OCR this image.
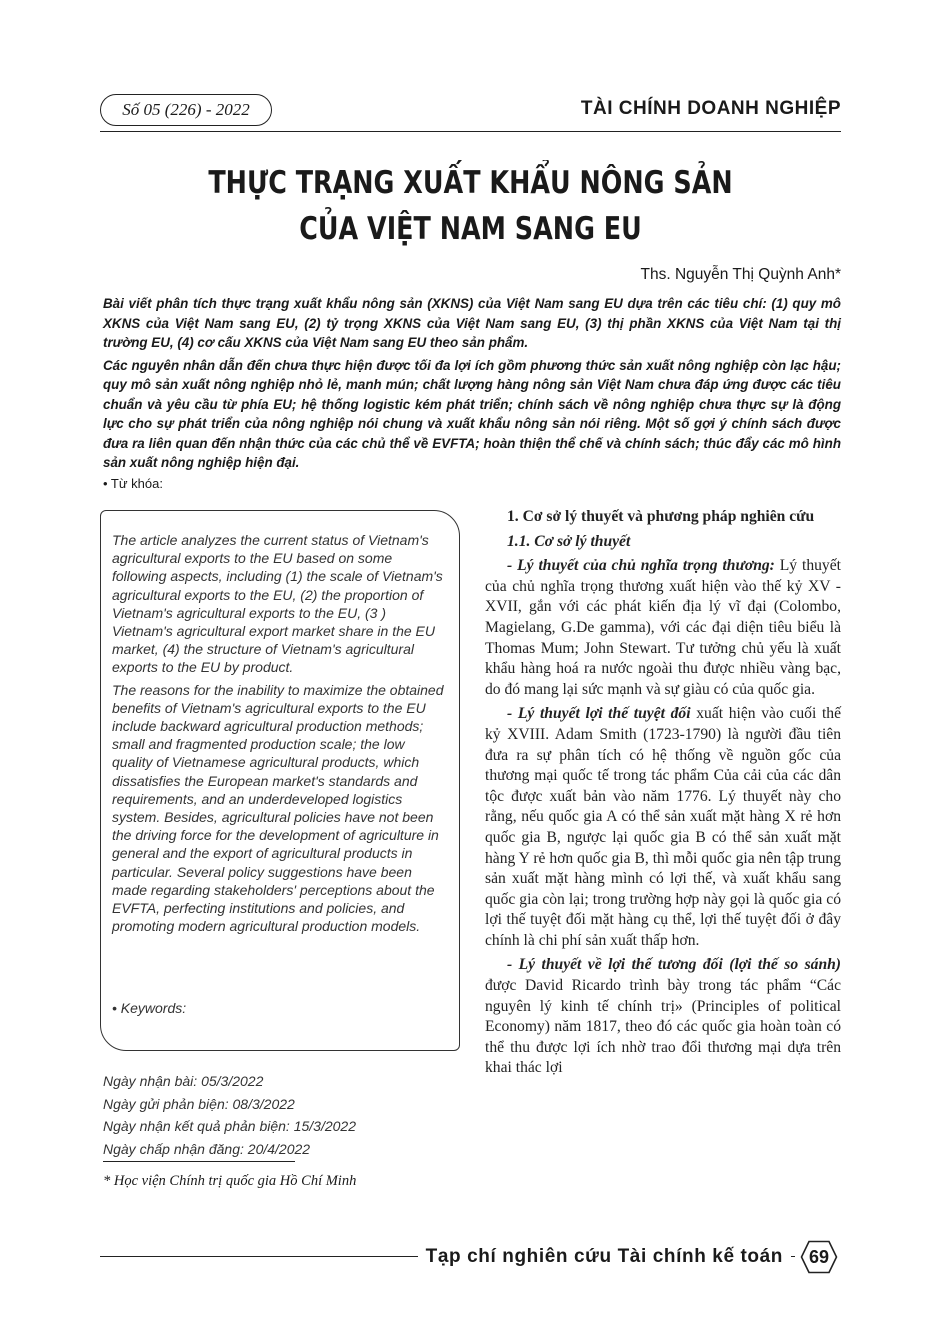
Số 05 (226) - 2022	TÀI CHÍNH DOANH NGHIỆP
THỰC TRẠNG XUẤT KHẨU NÔNG SẢN
CỦA VIỆT NAM SANG EU
Ths. Nguyễn Thị Quỳnh Anh*

Bài viết phân tích thực trạng xuất khẩu nông sản (XKNS) của Việt Nam sang EU dựa trên các tiêu chí: (1) quy mô XKNS của Việt Nam sang EU, (2) tỷ trọng XKNS của Việt Nam sang EU, (3) thị phần XKNS của Việt Nam tại thị trường EU, (4) cơ cấu XKNS của Việt Nam sang EU theo sản phẩm.

Các nguyên nhân dẫn đến chưa thực hiện được tối đa lợi ích gồm phương thức sản xuất nông nghiệp còn lạc hậu; quy mô sản xuất nông nghiệp nhỏ lẻ, manh mún; chất lượng hàng nông sản Việt Nam chưa đáp ứng được các tiêu chuẩn và yêu cầu từ phía EU; hệ thống logistic kém phát triển; chính sách về nông nghiệp chưa thực sự là động lực cho sự phát triển của nông nghiệp nói chung và xuất khẩu nông sản nói riêng. Một số gợi ý chính sách được đưa ra liên quan đến nhận thức của các chủ thể về EVFTA; hoàn thiện thể chế và chính sách; thúc đẩy các mô hình sản xuất nông nghiệp hiện đại.

• Từ khóa:

The article analyzes the current status of Vietnam's agricultural exports to the EU based on some following aspects, including (1) the scale of Vietnam's agricultural exports to the EU, (2) the proportion of Vietnam's agricultural exports to the EU, (3 ) Vietnam's agricultural export market share in the EU market, (4) the structure of Vietnam's agricultural exports to the EU by product.

The reasons for the inability to maximize the obtained benefits of Vietnam's agricultural exports to the EU include backward agricultural production methods; small and fragmented production scale; the low quality of Vietnamese agricultural products, which dissatisfies the European market's standards and requirements, and an underdeveloped logistics system. Besides, agricultural policies have not been the driving force for the development of agriculture in general and the export of agricultural products in particular. Several policy suggestions have been made regarding stakeholders' perceptions about the EVFTA, perfecting institutions and policies, and promoting modern agricultural production models.

• Keywords:
Ngày nhận bài: 05/3/2022
Ngày gửi phản biện: 08/3/2022
Ngày nhận kết quả phản biện: 15/3/2022
Ngày chấp nhận đăng: 20/4/2022
* Học viện Chính trị quốc gia Hồ Chí Minh

1. Cơ sở lý thuyết và phương pháp nghiên cứu

1.1. Cơ sở lý thuyết

- Lý thuyết của chủ nghĩa trọng thương: Lý thuyết của chủ nghĩa trọng thương xuất hiện vào thế kỷ XV - XVII, gắn với các phát kiến địa lý vĩ đại (Colombo, Magielang, G.De gamma), với các đại diện tiêu biểu là Thomas Mum; John Stewart. Tư tưởng chủ yếu là xuất khẩu hàng hoá ra nước ngoài thu được nhiều vàng bạc, do đó mang lại sức mạnh và sự giàu có của quốc gia.

- Lý thuyết lợi thế tuyệt đối xuất hiện vào cuối thế kỷ XVIII. Adam Smith (1723-1790) là người đầu tiên đưa ra sự phân tích có hệ thống về nguồn gốc của thương mại quốc tế trong tác phẩm Của cải của các dân tộc được xuất bản vào năm 1776. Lý thuyết này cho rằng, nếu quốc gia A có thể sản xuất mặt hàng X rẻ hơn quốc gia B, ngược lại quốc gia B có thể sản xuất mặt hàng Y rẻ hơn quốc gia B, thì mỗi quốc gia nên tập trung sản xuất mặt hàng mình có lợi thế, và xuất khẩu sang quốc gia còn lại; trong trường hợp này gọi là quốc gia có lợi thế tuyệt đối mặt hàng cụ thể, lợi thế tuyệt đối ở đây chính là chi phí sản xuất thấp hơn.

- Lý thuyết về lợi thế tương đối (lợi thế so sánh) được David Ricardo trình bày trong tác phẩm “Các nguyên lý kinh tế chính trị» (Principles of political Economy) năm 1817, theo đó các quốc gia hoàn toàn có thể thu được lợi ích nhờ trao đổi thương mại dựa trên khai thác lợi

Tạp chí nghiên cứu Tài chính kế toán	69
